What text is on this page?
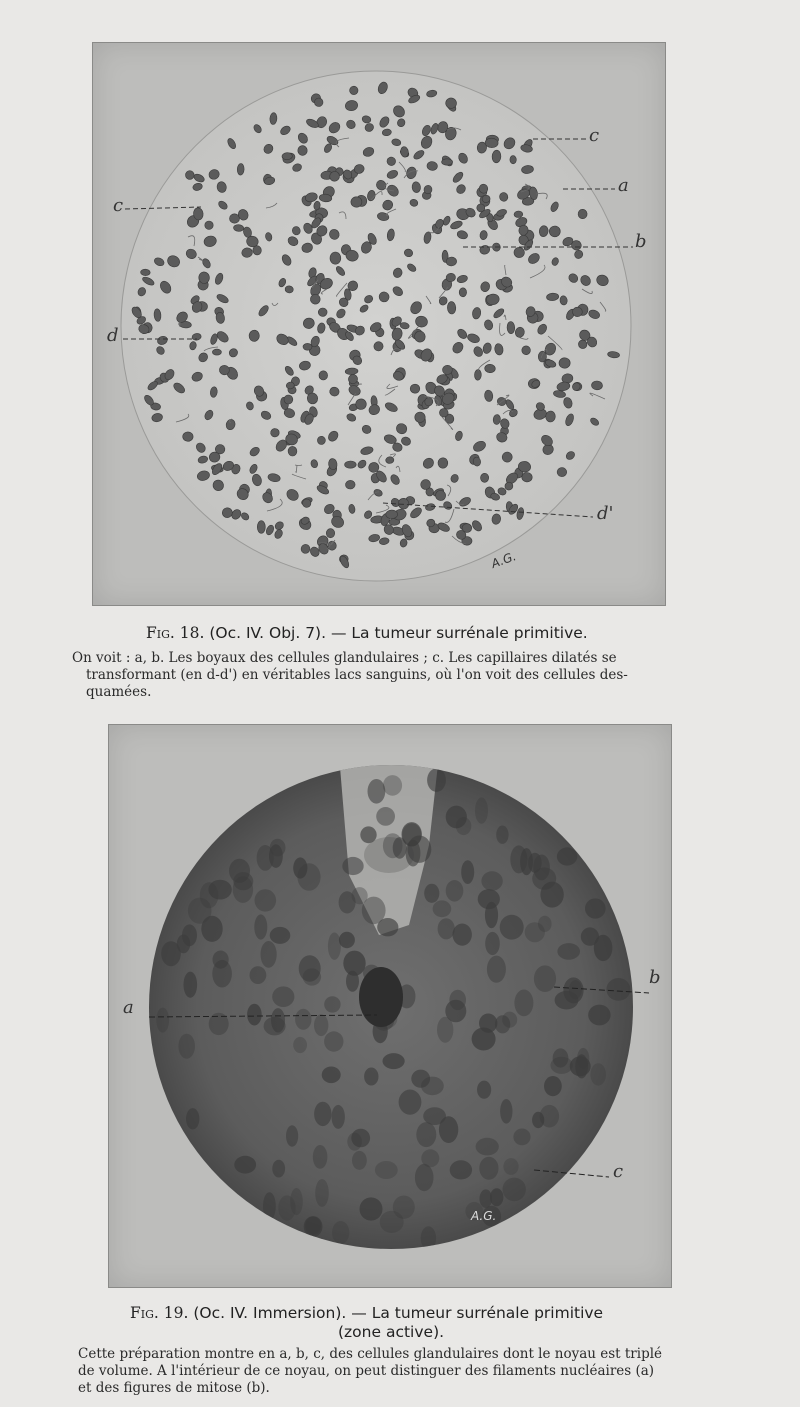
c
a
c
b
d
d'
A.G.
Fig. 18. (Oc. IV. Obj. 7). — La tumeur surrénale primitive.
On voit : a, b. Les boyaux des cellules glandulaires ; c. Les capillaires dilatés se
transformant (en d-d') en véritables lacs sanguins, où l'on voit des cellules des-
quamées.
a
b
c
A.G.
Fig. 19. (Oc. IV. Immersion). — La tumeur surrénale primitive
(zone active).
Cette préparation montre en a, b, c, des cellules glandulaires dont le noyau est triplé
de volume. A l'intérieur de ce noyau, on peut distinguer des filaments nucléaires (a)
et des figures de mitose (b).
